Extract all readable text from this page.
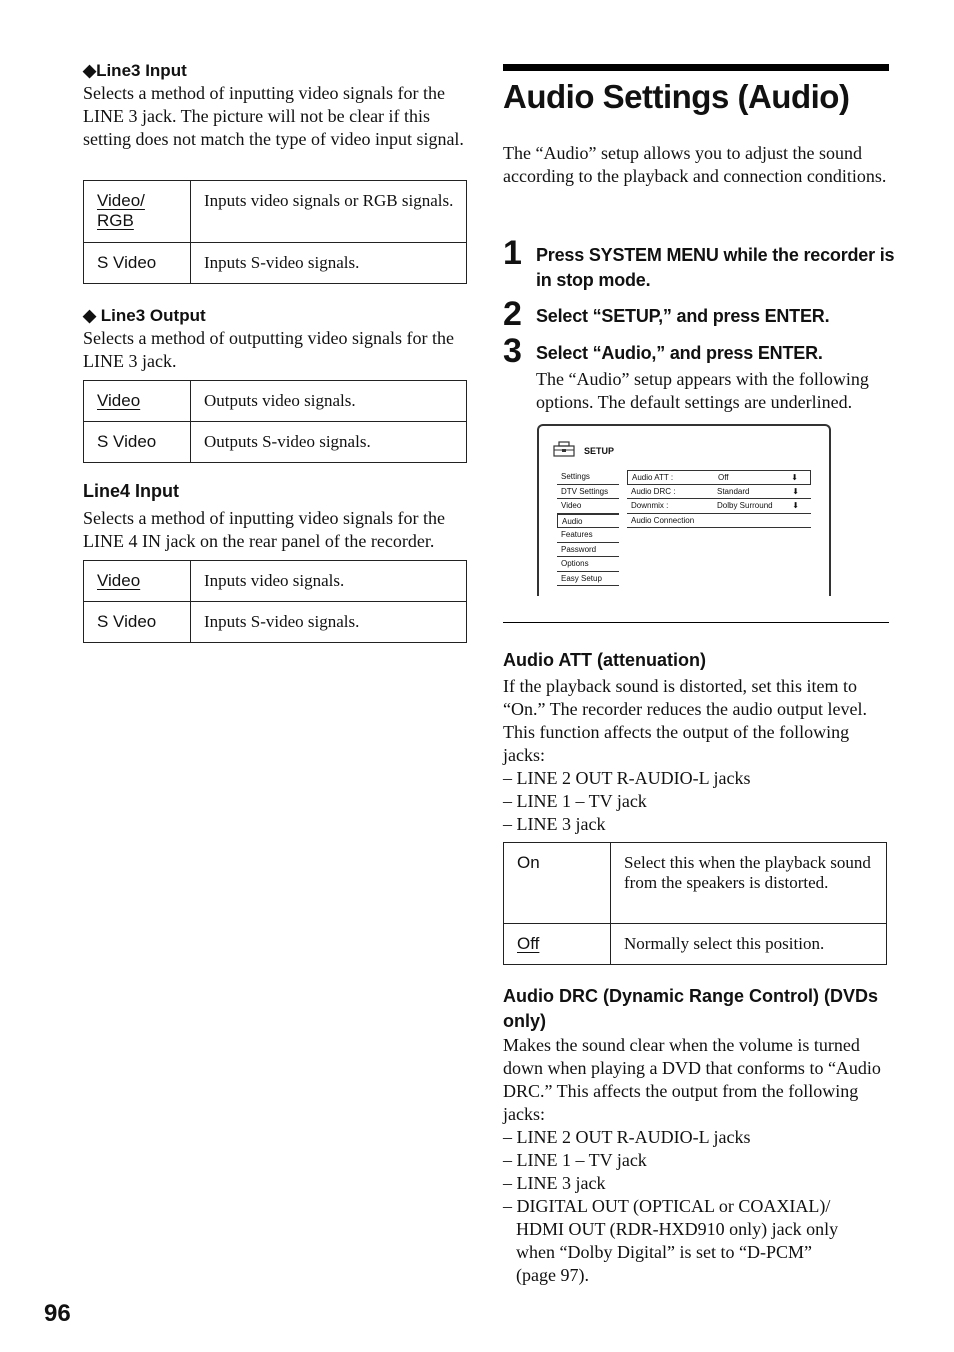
◆Line3 Input
Selects a method of inputting video signals for the LINE 3 jack. The picture will not be clear if this setting does not match the type of video input signal.
Video/
RGB	Inputs video signals or RGB signals.
S Video	Inputs S-video signals.
◆ Line3 Output
Selects a method of outputting video signals for the LINE 3 jack.
Video	Outputs video signals.
S Video	Outputs S-video signals.
Line4 Input
Selects a method of inputting video signals for the LINE 4 IN jack on the rear panel of the recorder.
Video	Inputs video signals.
S Video	Inputs S-video signals.
Audio Settings (Audio)
The “Audio” setup allows you to adjust the sound according to the playback and connection conditions.
1 Press SYSTEM MENU while the recorder is in stop mode.
2 Select “SETUP,” and press ENTER.
3 Select “Audio,” and press ENTER.
The “Audio” setup appears with the following options. The default settings are underlined.
SETUP
Settings
DTV Settings
Video
Audio
Features
Password
Options
Easy Setup
Audio ATT :	Off	⬇
Audio DRC :	Standard	⬇
Downmix :	Dolby Surround ⬇
Audio Connection
Audio ATT (attenuation)
If the playback sound is distorted, set this item to “On.” The recorder reduces the audio output level. This function affects the output of the following jacks:
– LINE 2 OUT R-AUDIO-L jacks
– LINE 1 – TV jack
– LINE 3 jack
On	Select this when the playback sound from the speakers is distorted.
Off	Normally select this position.
Audio DRC (Dynamic Range Control) (DVDs
only)
Makes the sound clear when the volume is turned down when playing a DVD that conforms to “Audio DRC.” This affects the output from the following jacks:
– LINE 2 OUT R-AUDIO-L jacks
– LINE 1 – TV jack
– LINE 3 jack
– DIGITAL OUT (OPTICAL or COAXIAL)/
HDMI OUT (RDR-HXD910 only) jack only
when “Dolby Digital” is set to “D-PCM”
(page 97).
96
